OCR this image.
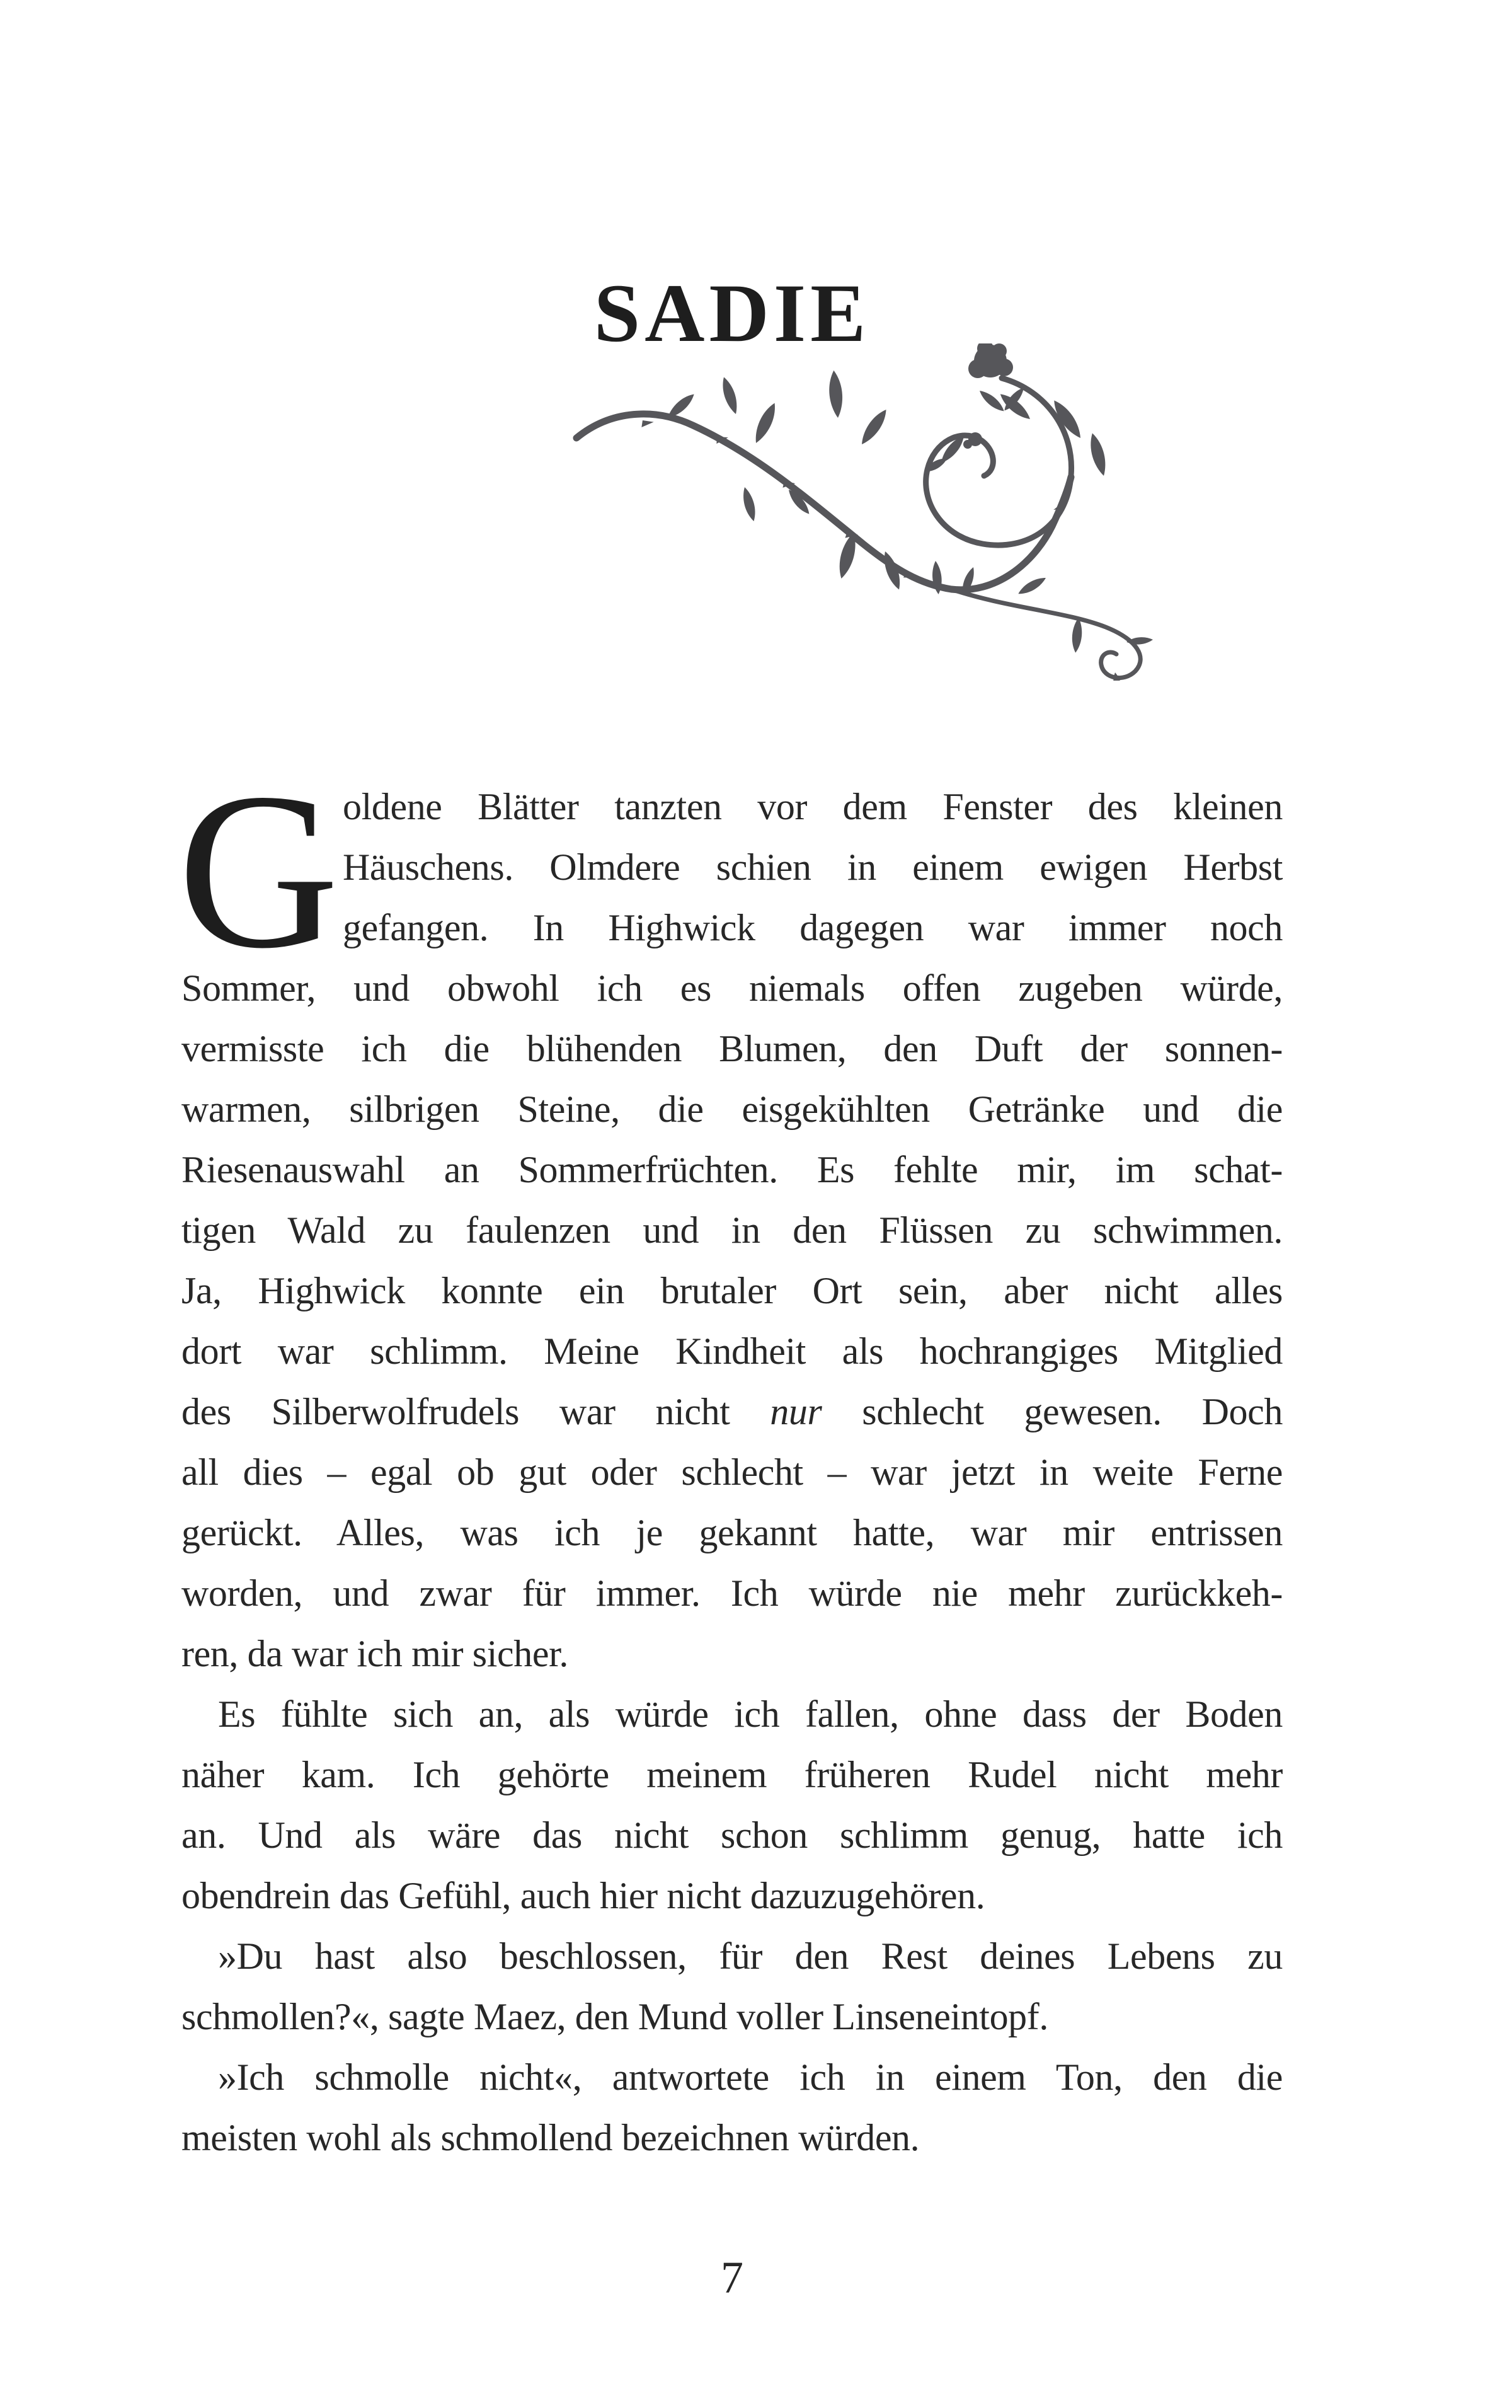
SADIE
G oldene Blätter tanzten vor dem Fenster des kleinen
Häuschens. Olmdere schien in einem ewigen Herbst
gefangen. In Highwick dagegen war immer noch
Sommer, und obwohl ich es niemals offen zugeben würde,
vermisste ich die blühenden Blumen, den Duft der sonnen-
warmen, silbrigen Steine, die eisgekühlten Getränke und die
Riesenauswahl an Sommerfrüchten. Es fehlte mir, im schat-
tigen Wald zu faulenzen und in den Flüssen zu schwimmen.
Ja, Highwick konnte ein brutaler Ort sein, aber nicht alles
dort war schlimm. Meine Kindheit als hochrangiges Mitglied
des Silberwolfrudels war nicht nur schlecht gewesen. Doch
all dies – egal ob gut oder schlecht – war jetzt in weite Ferne
gerückt. Alles, was ich je gekannt hatte, war mir entrissen
worden, und zwar für immer. Ich würde nie mehr zurückkeh-
ren, da war ich mir sicher.
Es fühlte sich an, als würde ich fallen, ohne dass der Boden
näher kam. Ich gehörte meinem früheren Rudel nicht mehr
an. Und als wäre das nicht schon schlimm genug, hatte ich
obendrein das Gefühl, auch hier nicht dazuzugehören.
»Du hast also beschlossen, für den Rest deines Lebens zu
schmollen?«, sagte Maez, den Mund voller Linseneintopf.
»Ich schmolle nicht«, antwortete ich in einem Ton, den die
meisten wohl als schmollend bezeichnen würden.
7
